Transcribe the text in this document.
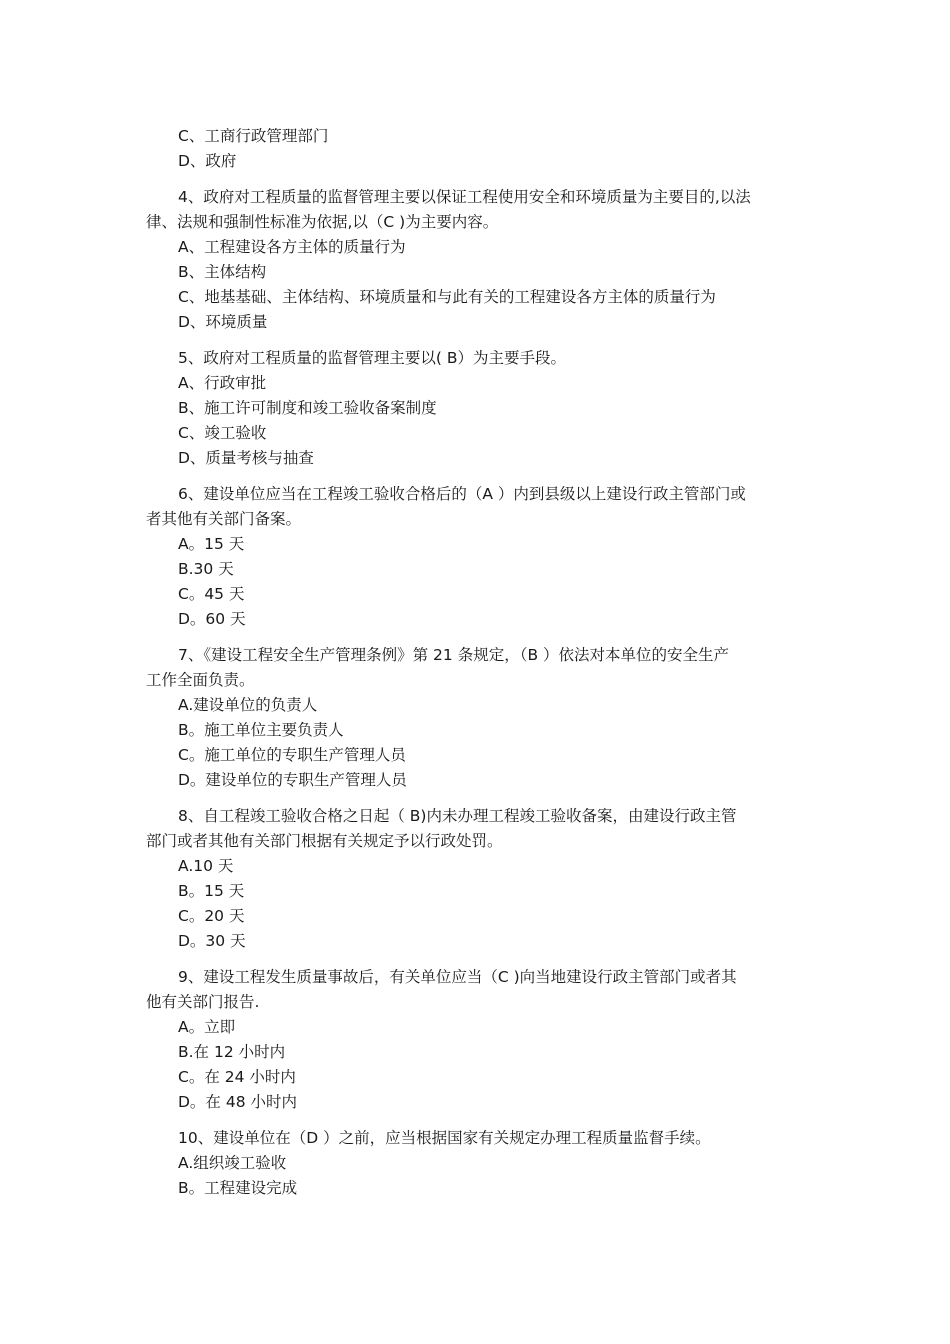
C、工商行政管理部门
D、政府
4、政府对工程质量的监督管理主要以保证工程使用安全和环境质量为主要目的,以法
律、法规和强制性标准为依据,以（C )为主要内容。
A、工程建设各方主体的质量行为
B、主体结构
C、地基基础、主体结构、环境质量和与此有关的工程建设各方主体的质量行为
D、环境质量
5、政府对工程质量的监督管理主要以( B）为主要手段。
A、行政审批
B、施工许可制度和竣工验收备案制度
C、竣工验收
D、质量考核与抽查
6、建设单位应当在工程竣工验收合格后的（A ）内到县级以上建设行政主管部门或
者其他有关部门备案。
A。15 天
B.30 天
C。45 天
D。60 天
7、《建设工程安全生产管理条例》第 21 条规定，（B ）依法对本单位的安全生产
工作全面负责。
A.建设单位的负责人
B。施工单位主要负责人
C。施工单位的专职生产管理人员
D。建设单位的专职生产管理人员
8、自工程竣工验收合格之日起（ B)内未办理工程竣工验收备案，由建设行政主管
部门或者其他有关部门根据有关规定予以行政处罚。
A.10 天
B。15 天
C。20 天
D。30 天
9、建设工程发生质量事故后，有关单位应当（C )向当地建设行政主管部门或者其
他有关部门报告.
A。立即
B.在 12 小时内
C。在 24 小时内
D。在 48 小时内
10、建设单位在（D ）之前，应当根据国家有关规定办理工程质量监督手续。
A.组织竣工验收
B。工程建设完成
